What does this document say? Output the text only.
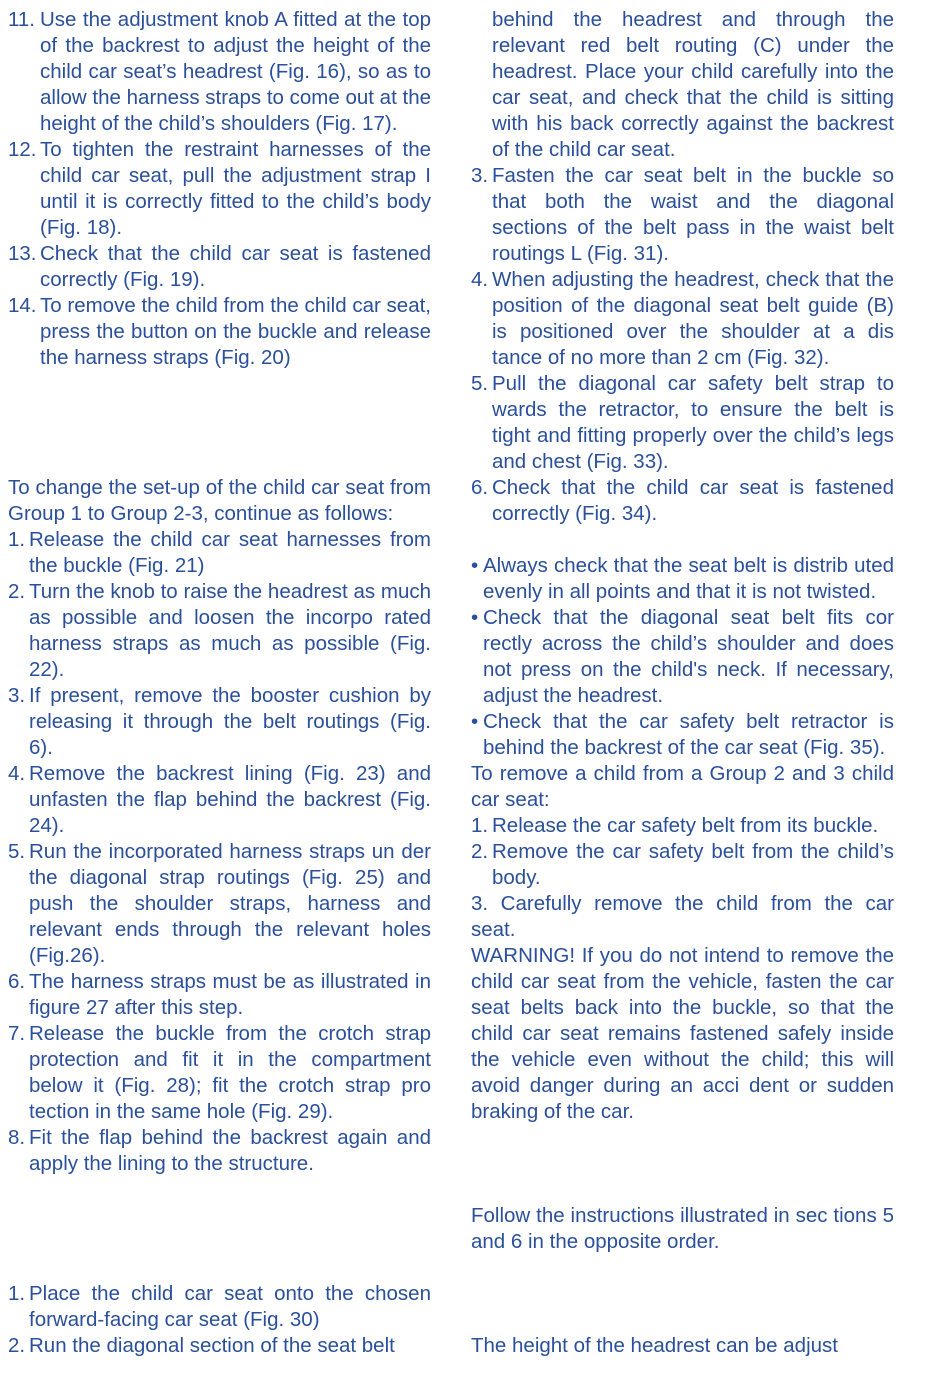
11. Use the adjustment knob A fitted at the top of the backrest to adjust the height of the child car seat’s headrest (Fig. 16), so as to allow the harness straps to come out at the height of the child’s shoulders (Fig. 17).
12. To tighten the restraint harnesses of the child car seat, pull the adjustment strap I until it is correctly fitted to the child’s body (Fig. 18).
13. Check that the child car seat is fastened correctly (Fig. 19).
14. To remove the child from the child car seat, press the button on the buckle and release the harness straps (Fig. 20)
To change the set-up of the child car seat from Group 1 to Group 2-3, continue as follows:
1. Release the child car seat harnesses from the buckle (Fig. 21)
2. Turn the knob to raise the headrest as much as possible and loosen the incorpo rated harness straps as much as possible (Fig. 22).
3. If present, remove the booster cushion by releasing it through the belt routings (Fig. 6).
4. Remove the backrest lining (Fig. 23) and unfasten the flap behind the backrest (Fig. 24).
5. Run the incorporated harness straps un der the diagonal strap routings (Fig. 25) and push the shoulder straps, harness and relevant ends through the relevant holes (Fig.26).
6. The harness straps must be as illustrated in figure 27 after this step.
7. Release the buckle from the crotch strap protection and fit it in the compartment below it (Fig. 28); fit the crotch strap pro tection in the same hole (Fig. 29).
8. Fit the flap behind the backrest again and apply the lining to the structure.
1. Place the child car seat onto the chosen forward-facing car seat (Fig. 30)
2. Run the diagonal section of the seat belt
behind the headrest and through the relevant red belt routing (C) under the headrest. Place your child carefully into the car seat, and check that the child is sitting with his back correctly against the backrest of the child car seat.
3. Fasten the car seat belt in the buckle so that both the waist and the diagonal sections of the belt pass in the waist belt routings L (Fig. 31).
4. When adjusting the headrest, check that the position of the diagonal seat belt guide (B) is positioned over the shoulder at a dis tance of no more than 2 cm (Fig. 32).
5. Pull the diagonal car safety belt strap to wards the retractor, to ensure the belt is tight and fitting properly over the child’s legs and chest (Fig. 33).
6. Check that the child car seat is fastened correctly (Fig. 34).
• Always check that the seat belt is distrib uted evenly in all points and that it is not twisted.
• Check that the diagonal seat belt fits cor rectly across the child’s shoulder and does not press on the child's neck. If necessary, adjust the headrest.
• Check that the car safety belt retractor is behind the backrest of the car seat (Fig. 35).
To remove a child from a Group 2 and 3 child car seat:
1. Release the car safety belt from its buckle.
2. Remove the car safety belt from the child’s body.
3. Carefully remove the child from the car seat.
WARNING! If you do not intend to remove the child car seat from the vehicle, fasten the car seat belts back into the buckle, so that the child car seat remains fastened safely inside the vehicle even without the child; this will avoid danger during an acci dent or sudden braking of the car.
Follow the instructions illustrated in sec tions 5 and 6 in the opposite order.
The height of the headrest can be adjust
